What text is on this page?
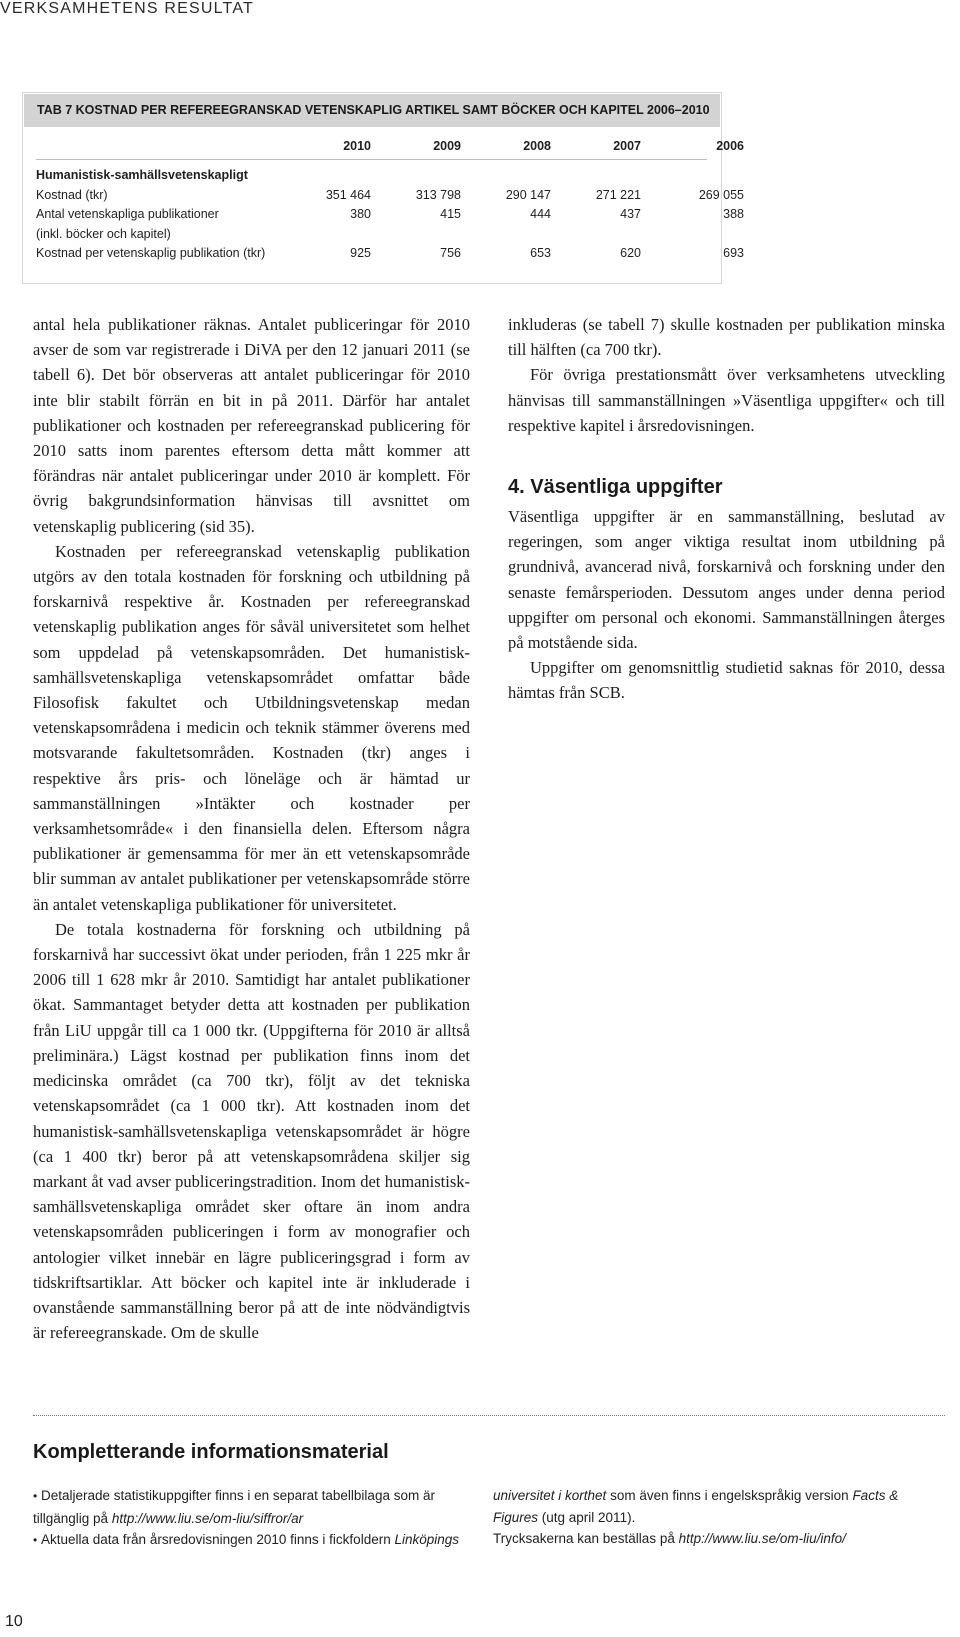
VERKSAMHETENS RESULTAT
TAB 7 KOSTNAD PER REFEREEGRANSKAD VETENSKAPLIG ARTIKEL SAMT BÖCKER OCH KAPITEL 2006–2010
2010	2009	2008	2007	2006
Humanistisk-samhällsvetenskapligt
Kostnad (tkr)	351 464	313 798	290 147	271 221	269 055
Antal vetenskapliga publikationer	380	415	444	437	388
(inkl. böcker och kapitel)
Kostnad per vetenskaplig publikation (tkr)	925	756	653	620	693

antal hela publikationer räknas. Antalet publiceringar för 2010 avser de som var registrerade i DiVA per den 12 januari 2011 (se tabell 6). Det bör observeras att antalet publiceringar för 2010 inte blir stabilt förrän en bit in på 2011. Därför har antalet publikationer och kostnaden per refereegranskad publicering för 2010 satts inom parentes eftersom detta mått kommer att förändras när antalet publiceringar under 2010 är komplett. För övrig bakgrundsinformation hänvisas till avsnittet om vetenskaplig publicering (sid 35).

Kostnaden per refereegranskad vetenskaplig publikation utgörs av den totala kostnaden för forskning och utbildning på forskarnivå respektive år. Kostnaden per refereegranskad vetenskaplig publikation anges för såväl universitetet som helhet som uppdelad på vetenskapsområden. Det humanistisk-samhällsvetenskapliga vetenskapsområdet omfattar både Filosofisk fakultet och Utbildningsvetenskap medan vetenskapsområdena i medicin och teknik stämmer överens med motsvarande fakultetsområden. Kostnaden (tkr) anges i respektive års pris- och löneläge och är hämtad ur sammanställningen »Intäkter och kostnader per verksamhetsområde« i den finansiella delen. Eftersom några publikationer är gemensamma för mer än ett vetenskapsområde blir summan av antalet publikationer per vetenskapsområde större än antalet vetenskapliga publikationer för universitetet.

De totala kostnaderna för forskning och utbildning på forskarnivå har successivt ökat under perioden, från 1 225 mkr år 2006 till 1 628 mkr år 2010. Samtidigt har antalet publikationer ökat. Sammantaget betyder detta att kostnaden per publikation från LiU uppgår till ca 1 000 tkr. (Uppgifterna för 2010 är alltså preliminära.) Lägst kostnad per publikation finns inom det medicinska området (ca 700 tkr), följt av det tekniska vetenskapsområdet (ca 1 000 tkr). Att kostnaden inom det humanistisk-samhällsvetenskapliga vetenskapsområdet är högre (ca 1 400 tkr) beror på att vetenskapsområdena skiljer sig markant åt vad avser publiceringstradition. Inom det humanistisk-samhällsvetenskapliga området sker oftare än inom andra vetenskapsområden publiceringen i form av monografier och antologier vilket innebär en lägre publiceringsgrad i form av tidskriftsartiklar. Att böcker och kapitel inte är inkluderade i ovanstående sammanställning beror på att de inte nödvändigtvis är refereegranskade. Om de skulle

inkluderas (se tabell 7) skulle kostnaden per publikation minska till hälften (ca 700 tkr).

För övriga prestationsmått över verksamhetens utveckling hänvisas till sammanställningen »Väsentliga uppgifter« och till respektive kapitel i årsredovisningen.

4. Väsentliga uppgifter

Väsentliga uppgifter är en sammanställning, beslutad av regeringen, som anger viktiga resultat inom utbildning på grundnivå, avancerad nivå, forskarnivå och forskning under den senaste femårsperioden. Dessutom anges under denna period uppgifter om personal och ekonomi. Sammanställningen återges på motstående sida.

Uppgifter om genomsnittlig studietid saknas för 2010, dessa hämtas från SCB.

Kompletterande informationsmaterial

• Detaljerade statistikuppgifter finns i en separat tabellbilaga som är tillgänglig på http://www.liu.se/om-liu/siffror/ar

• Aktuella data från årsredovisningen 2010 finns i fickfoldern Linköpings

universitet i korthet som även finns i engelskspråkig version Facts & Figures (utg april 2011).

Trycksakerna kan beställas på http://www.liu.se/om-liu/info/

10
